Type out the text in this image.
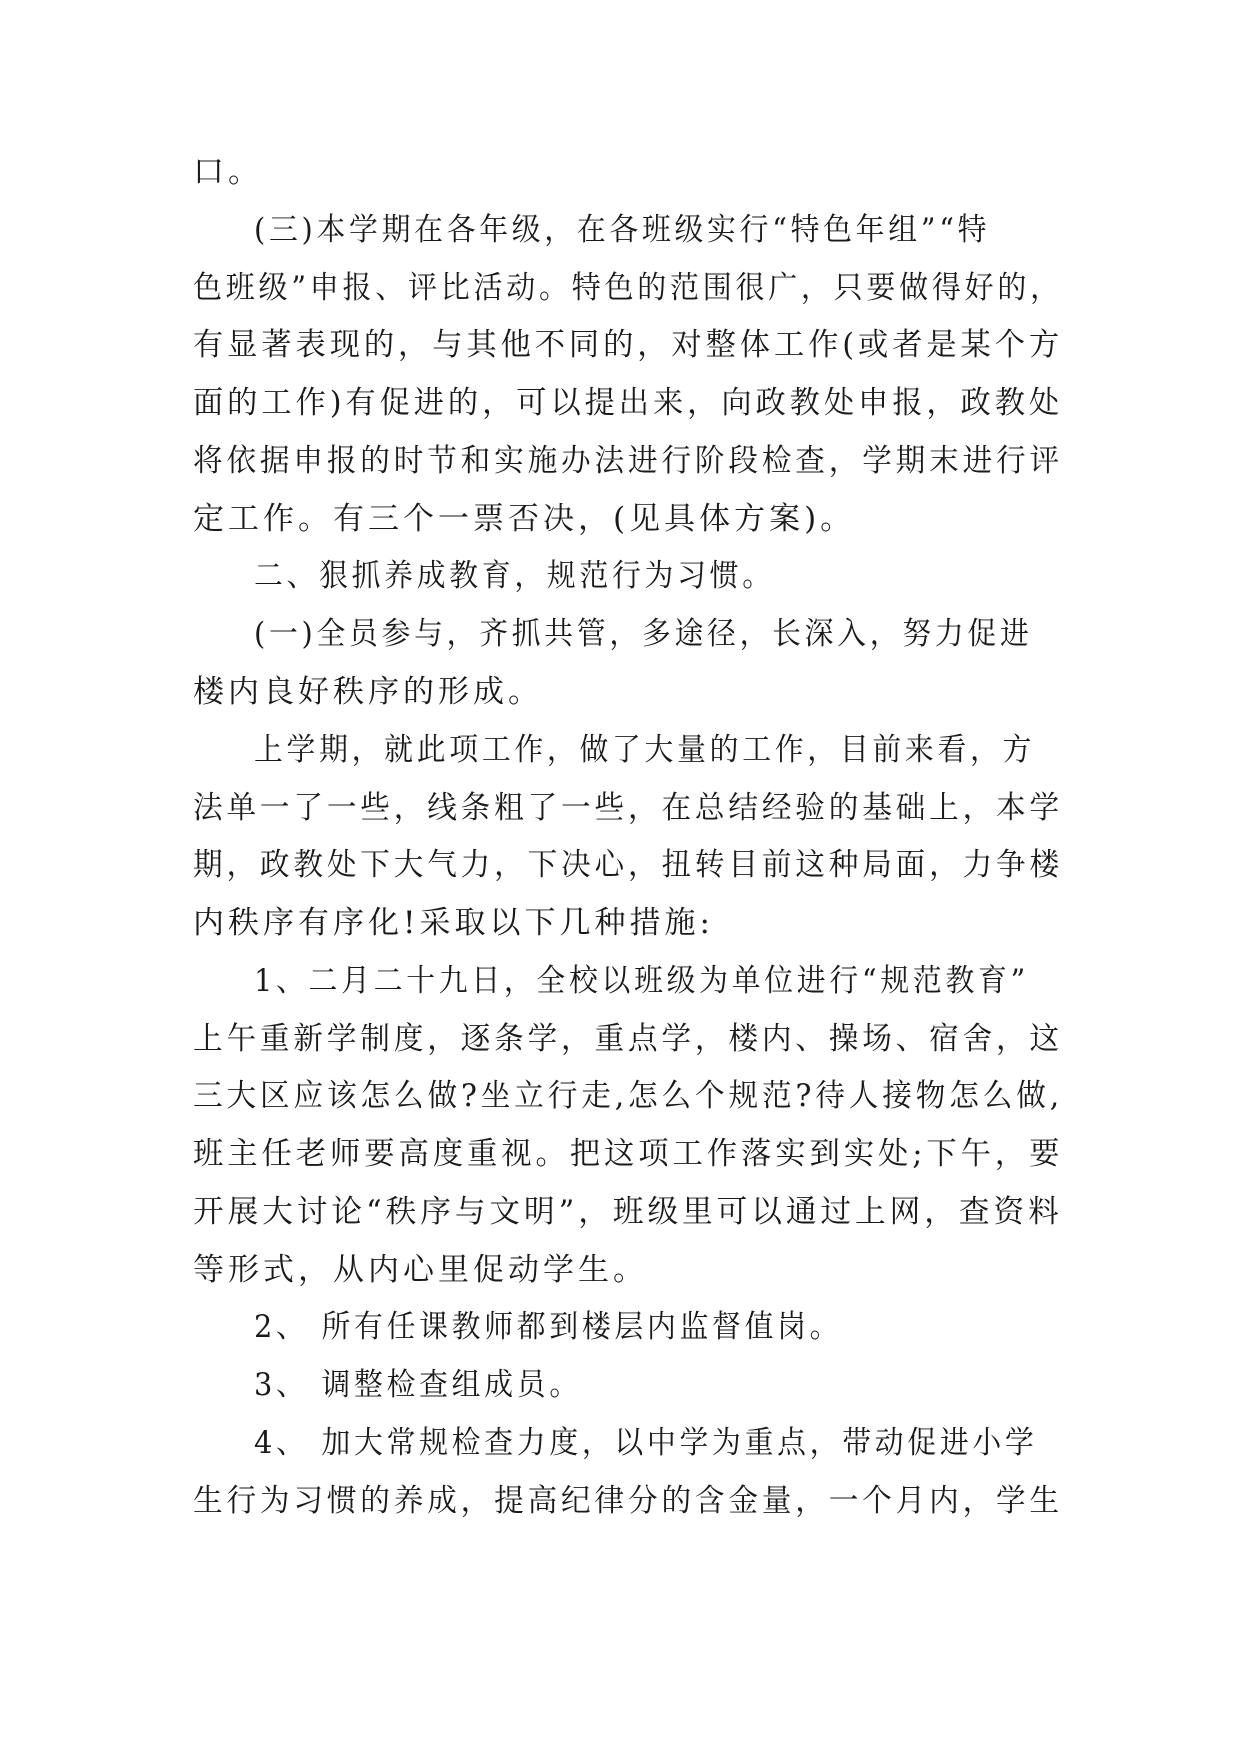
口。
(三)本学期在各年级，在各班级实行“特色年组”“特
色班级”申报、评比活动。特色的范围很广，只要做得好的，
有显著表现的，与其他不同的，对整体工作(或者是某个方
面的工作)有促进的，可以提出来，向政教处申报，政教处
将依据申报的时节和实施办法进行阶段检查，学期末进行评
定工作。有三个一票否决，(见具体方案)。
二、狠抓养成教育，规范行为习惯。
(一)全员参与，齐抓共管，多途径，长深入，努力促进
楼内良好秩序的形成。
上学期，就此项工作，做了大量的工作，目前来看，方
法单一了一些，线条粗了一些，在总结经验的基础上，本学
期，政教处下大气力，下决心，扭转目前这种局面，力争楼
内秩序有序化!采取以下几种措施:
1、二月二十九日，全校以班级为单位进行“规范教育”
上午重新学制度，逐条学，重点学，楼内、操场、宿舍，这
三大区应该怎么做?坐立行走,怎么个规范?待人接物怎么做,
班主任老师要高度重视。把这项工作落实到实处;下午，要
开展大讨论“秩序与文明”，班级里可以通过上网，查资料
等形式，从内心里促动学生。
2、 所有任课教师都到楼层内监督值岗。
3、 调整检查组成员。
4、 加大常规检查力度，以中学为重点，带动促进小学
生行为习惯的养成，提高纪律分的含金量，一个月内，学生
